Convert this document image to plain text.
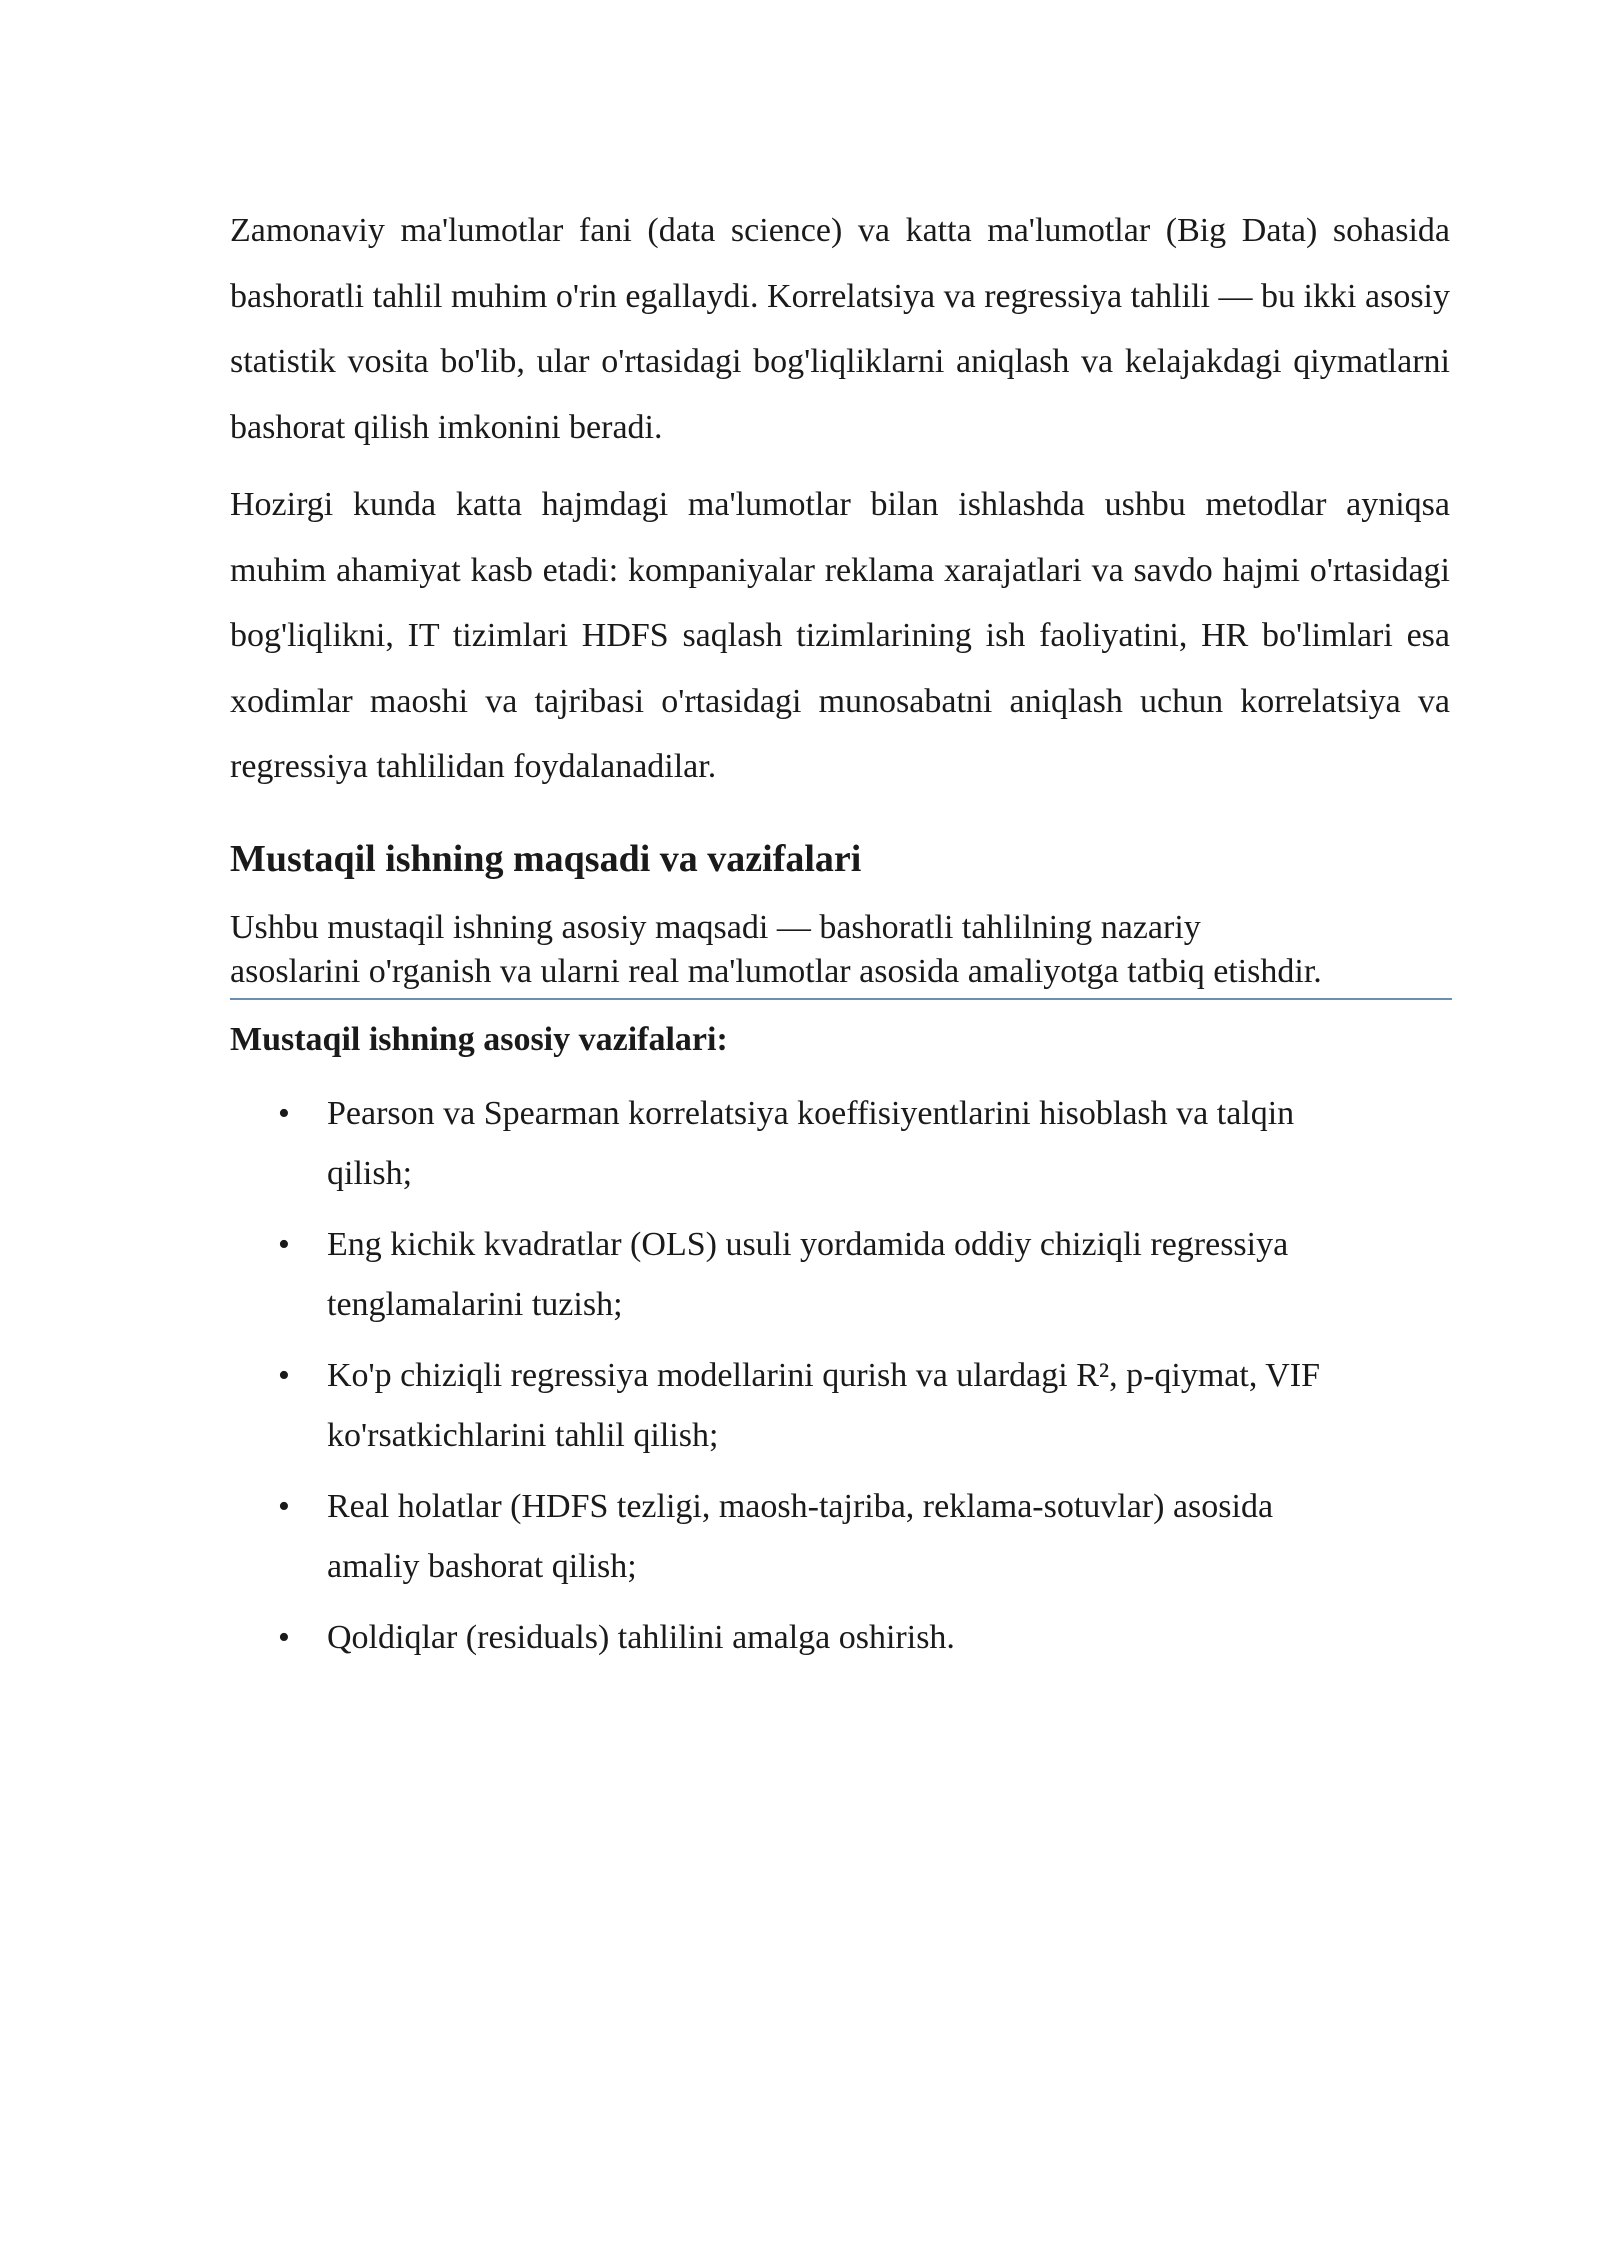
Zamonaviy ma'lumotlar fani (data science) va katta ma'lumotlar (Big Data) sohasida bashoratli tahlil muhim o'rin egallaydi. Korrelatsiya va regressiya tahlili — bu ikki asosiy statistik vosita bo'lib, ular o'rtasidagi bog'liqliklarni aniqlash va kelajakdagi qiymatlarni bashorat qilish imkonini beradi.

Hozirgi kunda katta hajmdagi ma'lumotlar bilan ishlashda ushbu metodlar ayniqsa muhim ahamiyat kasb etadi: kompaniyalar reklama xarajatlari va savdo hajmi o'rtasidagi bog'liqlikni, IT tizimlari HDFS saqlash tizimlarining ish faoliyatini, HR bo'limlari esa xodimlar maoshi va tajribasi o'rtasidagi munosabatni aniqlash uchun korrelatsiya va regressiya tahlilidan foydalanadilar.

Mustaqil ishning maqsadi va vazifalari
Ushbu mustaqil ishning asosiy maqsadi — bashoratli tahlilning nazariy
asoslarini o'rganish va ularni real ma'lumotlar asosida amaliyotga tatbiq etishdir.
Mustaqil ishning asosiy vazifalari:
• Pearson va Spearman korrelatsiya koeffisiyentlarini hisoblash va talqin
qilish;
• Eng kichik kvadratlar (OLS) usuli yordamida oddiy chiziqli regressiya
tenglamalarini tuzish;
• Ko'p chiziqli regressiya modellarini qurish va ulardagi R², p-qiymat, VIF
ko'rsatkichlarini tahlil qilish;
• Real holatlar (HDFS tezligi, maosh-tajriba, reklama-sotuvlar) asosida
amaliy bashorat qilish;
• Qoldiqlar (residuals) tahlilini amalga oshirish.
